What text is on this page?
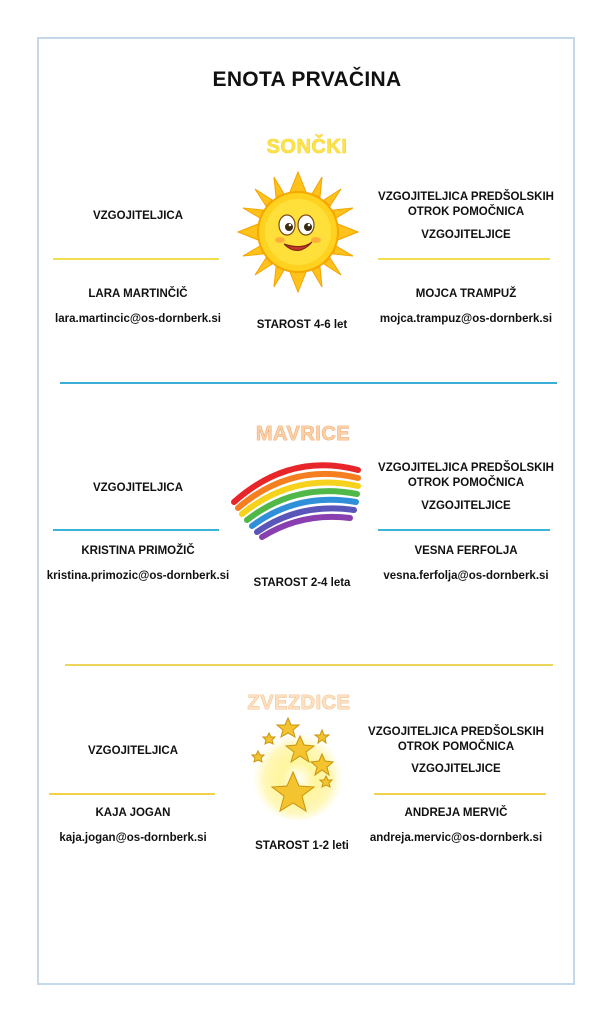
ENOTA PRVAČINA
SONČKI
VZGOJITELJICA
LARA MARTINČIČ
lara.martincic@os-dornberk.si	STAROST 4-6 let
VZGOJITELJICA PREDŠOLSKIH
OTROK POMOČNICA
VZGOJITELJICE
MOJCA TRAMPUŽ
mojca.trampuz@os-dornberk.si
MAVRICE
VZGOJITELJICA
KRISTINA PRIMOŽIČ
kristina.primozic@os-dornberk.si
STAROST 2-4 leta
VZGOJITELJICA PREDŠOLSKIH
OTROK POMOČNICA
VZGOJITELJICE
VESNA FERFOLJA
vesna.ferfolja@os-dornberk.si
ZVEZDICE
VZGOJITELJICA
KAJA JOGAN
kaja.jogan@os-dornberk.si
STAROST 1-2 leti
VZGOJITELJICA PREDŠOLSKIH
OTROK POMOČNICA
VZGOJITELJICE
ANDREJA MERVIČ
andreja.mervic@os-dornberk.si
